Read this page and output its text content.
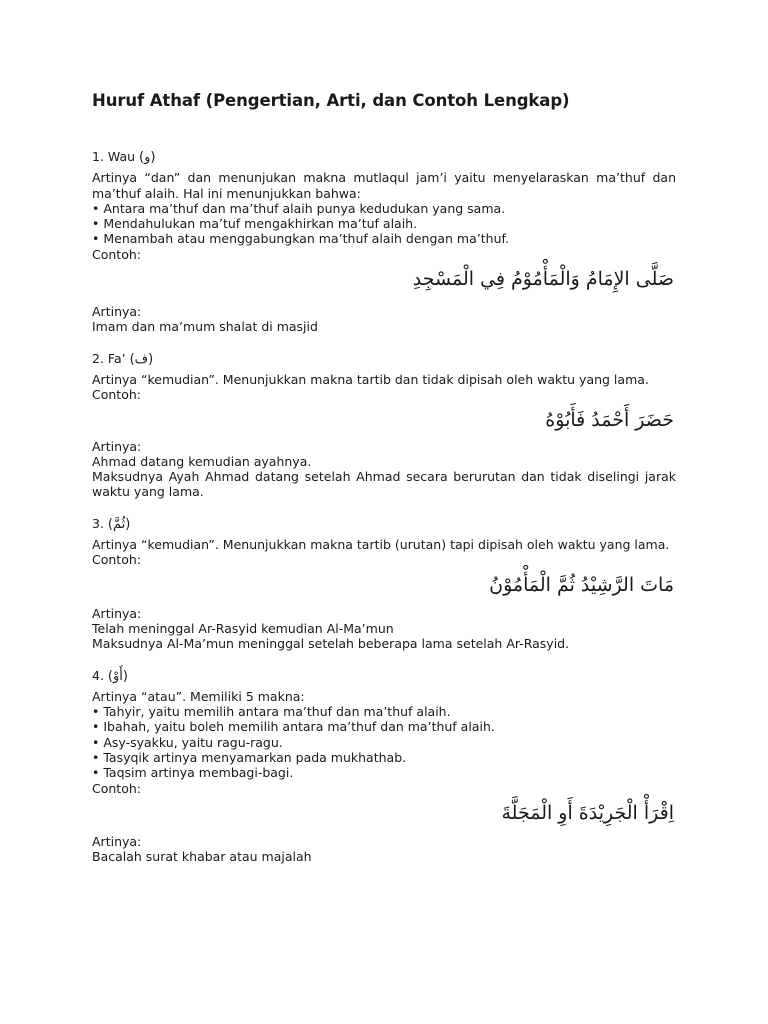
Huruf Athaf (Pengertian, Arti, dan Contoh Lengkap)

1. Wau (و)

Artinya “dan” dan menunjukan makna mutlaqul jam’i yaitu menyelaraskan ma’thuf dan ma’thuf alaih. Hal ini menunjukkan bahwa:

• Antara ma’thuf dan ma’thuf alaih punya kedudukan yang sama.
• Mendahulukan ma’tuf mengakhirkan ma’tuf alaih.
• Menambah atau menggabungkan ma’thuf alaih dengan ma’thuf.

Contoh:

صَلَّى الإِمَامُ وَالْمَأْمُوْمُ فِي الْمَسْجِدِ

Artinya:

Imam dan ma’mum shalat di masjid

2. Fa’ (ف)

Artinya “kemudian”. Menunjukkan makna tartib dan tidak dipisah oleh waktu yang lama.

Contoh:

حَضَرَ أَحْمَدُ فَأَبُوْهُ

Artinya:

Ahmad datang kemudian ayahnya.

Maksudnya Ayah Ahmad datang setelah Ahmad secara berurutan dan tidak diselingi jarak waktu yang lama.

3. (ثُمَّ)

Artinya “kemudian”. Menunjukkan makna tartib (urutan) tapi dipisah oleh waktu yang lama.

Contoh:

مَاتَ الرَّشِيْدُ ثُمَّ الْمَأْمُوْنُ

Artinya:

Telah meninggal Ar-Rasyid kemudian Al-Ma’mun

Maksudnya Al-Ma’mun meninggal setelah beberapa lama setelah Ar-Rasyid.

4. (أَوْ)

Artinya “atau”. Memiliki 5 makna:

• Tahyir, yaitu memilih antara ma’thuf dan ma’thuf alaih.
• Ibahah, yaitu boleh memilih antara ma’thuf dan ma’thuf alaih.
• Asy-syakku, yaitu ragu-ragu.
• Tasyqik artinya menyamarkan pada mukhathab.
• Taqsim artinya membagi-bagi.

Contoh:

اِقْرَأْ الْجَرِيْدَةَ أَوِ الْمَجَلَّةَ

Artinya:

Bacalah surat khabar atau majalah
